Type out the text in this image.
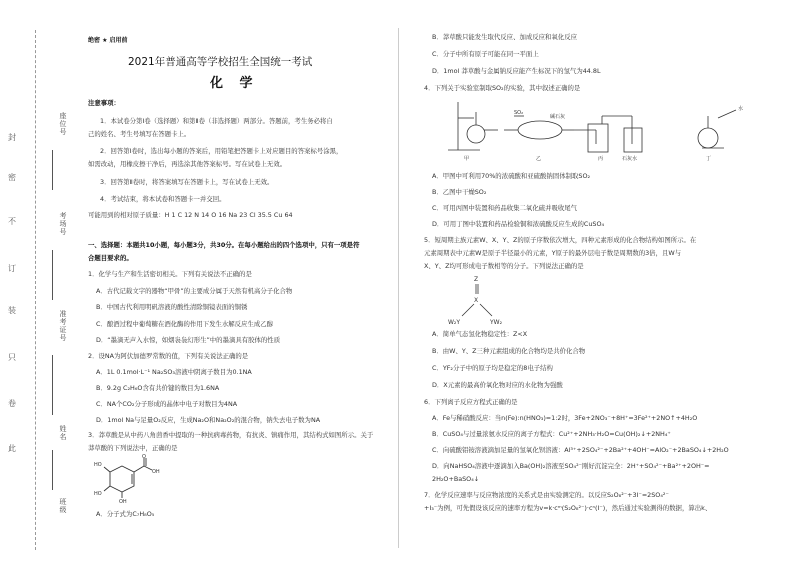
封
密
不
订
装
只
卷
此
座位号
考场号
准考证号
姓名
班级
绝密 ★ 启用前
2021年普通高等学校招生全国统一考试
化 学
注意事项：
1．本试卷分第Ⅰ卷（选择题）和第Ⅱ卷（非选择题）两部分。答题前，考生务必将自
己的姓名、考生号填写在答题卡上。
2．回答第Ⅰ卷时，选出每小题的答案后，用铅笔把答题卡上对应题目的答案标号涂黑，
如需改动，用橡皮擦干净后，再选涂其他答案标号。写在试卷上无效。
3．回答第Ⅱ卷时，将答案填写在答题卡上，写在试卷上无效。
4．考试结束，将本试卷和答题卡一并交回。
可能用到的相对原子质量：H 1 C 12 N 14 O 16 Na 23 Cl 35.5 Cu 64
一、选择题：本题共10小题，每小题3分，共30分。在每小题给出的四个选项中，只有一项是符
合题目要求的。
1．化学与生产和生活密切相关。下列有关说法不正确的是
A．古代记载文字的器物“甲骨”的主要成分属于天然有机高分子化合物
B．中国古代利用明矾溶液的酸性清除铜镜表面的铜锈
C．酿酒过程中葡萄糖在酒化酶的作用下发生水解反应生成乙醇
D．“墨滴无声入水惊，如烟袅袅幻形生”中的墨滴具有胶体的性质
2．设NA为阿伏加德罗常数的值，下列有关说法正确的是
A．1L 0.1mol·L⁻¹ Na₂SO₃溶液中阴离子数目为0.1NA
B．9.2g C₂H₆O含有共价键的数目为1.6NA
C．NA个CO₂分子形成的晶体中电子对数目为4NA
D．1mol Na与足量O₂反应，生成Na₂O和Na₂O₂的混合物，钠失去电子数为NA
3．莽草酸是从中药八角茴香中提取的一种抗病毒药物，有抗炎、镇痛作用，其结构式如图所示。关于
莽草酸的下列说法中，正确的是
HO
HO
OH
OH
O
A．分子式为C₇H₈O₅
B．莽草酸只能发生取代反应、加成反应和氧化反应
C．分子中所有原子可能在同一平面上
D．1mol 莽草酸与金属钠反应能产生标况下的氢气为44.8L
4．下列关于实验室制取SO₂的实验，其中叙述正确的是
SO₂
碱石灰
石灰水
水
甲	乙	丙	丁
A．甲图中可利用70%的浓硫酸和亚硫酸钠固体制取SO₂
B．乙图中干燥SO₂
C．可用丙图中装置和药品收集二氧化硫并吸收尾气
D．可用丁图中装置和药品检验铜和浓硫酸反应生成的CuSO₄
5．短周期主族元素W、X、Y、Z的原子序数依次增大，四种元素形成的化合物结构如图所示。在
元素周期表中元素W是原子半径最小的元素，Y原子的最外层电子数是周期数的3倍，且W与
X、Y、Z均可形成电子数相等的分子。下列说法正确的是
Z
X
W₂Y	YW₂
A．简单气态氢化物稳定性：Z<X
B．由W、Y、Z三种元素组成的化合物均是共价化合物
C．YF₂分子中的原子均是稳定的8电子结构
D．X元素的最高价氧化物对应的水化物为强酸
6．下列离子反应方程式正确的是
A．Fe与稀硝酸反应：当n(Fe):n(HNO₃)=1:2时，3Fe+2NO₃⁻+8H⁺=3Fe²⁺+2NO↑+4H₂O
B．CuSO₄与过量浓氨水反应的离子方程式：Cu²⁺+2NH₃·H₂O=Cu(OH)₂↓+2NH₄⁺
C．向硫酸铝铵溶液滴加足量的氢氧化钡溶液：Al³⁺+2SO₄²⁻+2Ba²⁺+4OH⁻=AlO₂⁻+2BaSO₄↓+2H₂O
D．向NaHSO₄溶液中逐滴加入Ba(OH)₂溶液至SO₄²⁻刚好沉淀完全：2H⁺+SO₄²⁻+Ba²⁺+2OH⁻=
2H₂O+BaSO₄↓
7．化学反应速率与反应物浓度的关系式是由实验测定的。以反应S₂O₈²⁻+3I⁻=2SO₄²⁻
+I₃⁻为例，可先假设该反应的速率方程为v=k·cᵐ(S₂O₈²⁻)·cⁿ(I⁻)，然后通过实验测得的数据，算出k、
